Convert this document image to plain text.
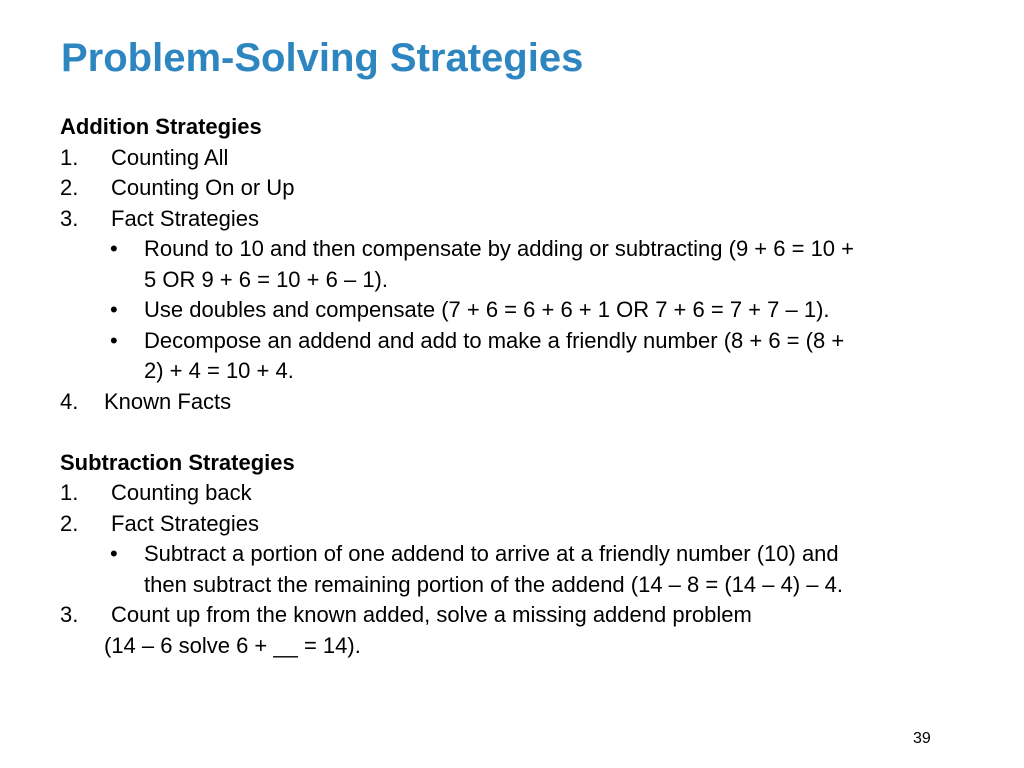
Problem-Solving Strategies
Addition Strategies
1. Counting All
2. Counting On or Up
3. Fact Strategies
• Round to 10 and then compensate by adding or subtracting (9 + 6 = 10 +
5 OR 9 + 6 = 10 + 6 – 1).
• Use doubles and compensate (7 + 6 = 6 + 6 + 1 OR 7 + 6 = 7 + 7 – 1).
• Decompose an addend and add to make a friendly number (8 + 6 = (8 +
2) + 4 = 10 + 4.
4. Known Facts
Subtraction Strategies
1. Counting back
2. Fact Strategies
• Subtract a portion of one addend to arrive at a friendly number (10) and
then subtract the remaining portion of the addend (14 – 8 = (14 – 4) – 4.
3. Count up from the known added, solve a missing addend problem
(14 – 6 solve 6 + __ = 14).
39
